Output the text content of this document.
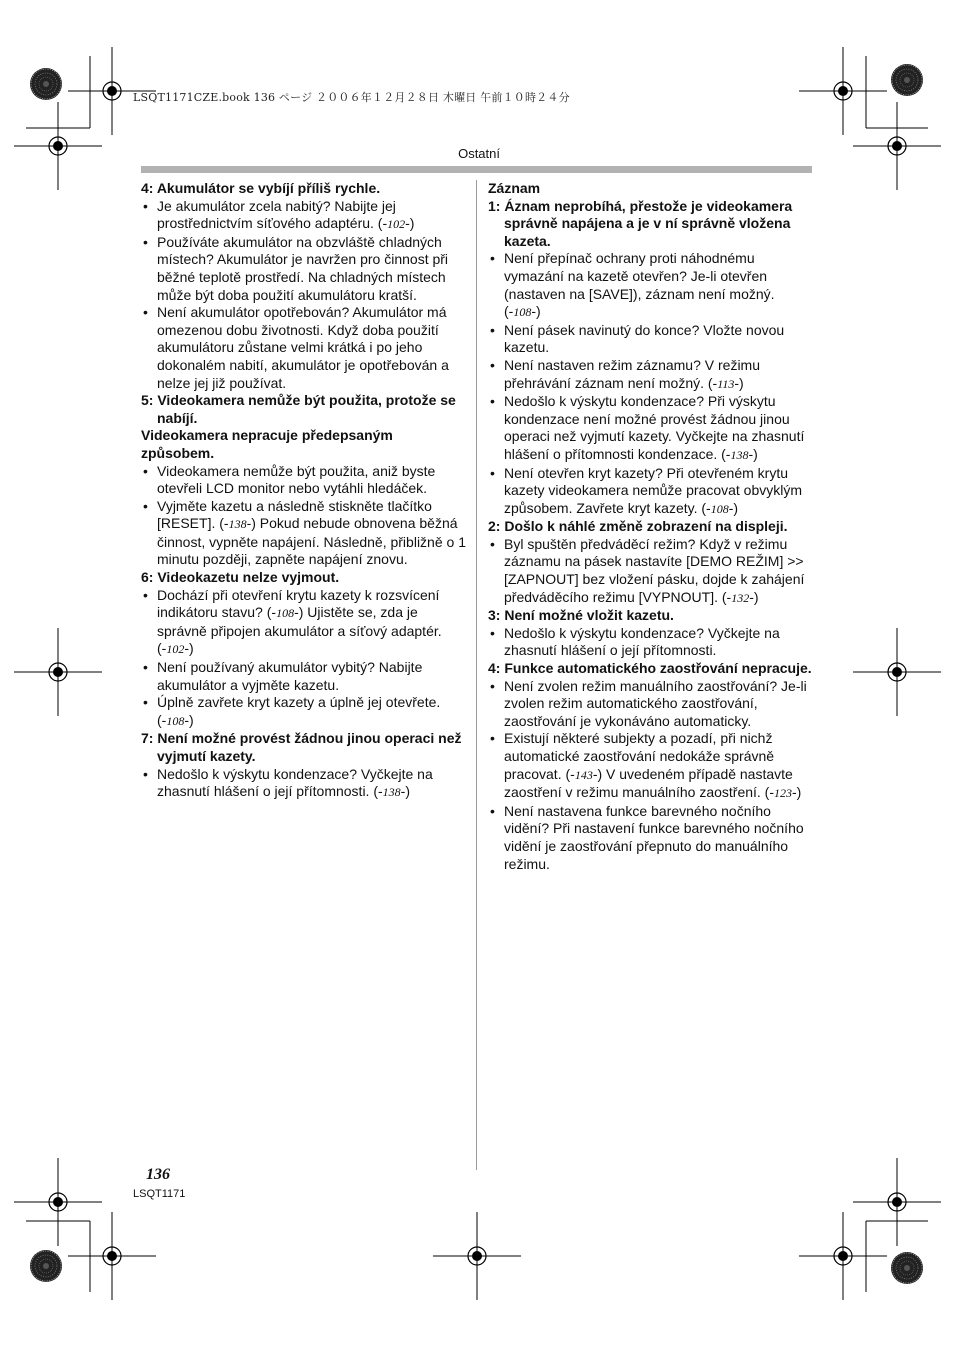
LSQT1171CZE.book 136 ページ ２００６年１２月２８日 木曜日 午前１０時２４分
Ostatní
4: Akumulátor se vybíjí příliš rychle.
• Je akumulátor zcela nabitý? Nabijte jej prostřednictvím síťového adaptéru. (-102-)
• Používáte akumulátor na obzvláště chladných místech? Akumulátor je navržen pro činnost při běžné teplotě prostředí. Na chladných místech může být doba použití akumulátoru kratší.
• Není akumulátor opotřebován? Akumulátor má omezenou dobu životnosti. Když doba použití akumulátoru zůstane velmi krátká i po jeho dokonalém nabití, akumulátor je opotřebován a nelze jej již používat.
5: Videokamera nemůže být použita, protože se nabíjí.
Videokamera nepracuje předepsaným způsobem.
• Videokamera nemůže být použita, aniž byste otevřeli LCD monitor nebo vytáhli hledáček.
• Vyjměte kazetu a následně stiskněte tlačítko [RESET]. (-138-) Pokud nebude obnovena běžná činnost, vypněte napájení. Následně, přibližně o 1 minutu později, zapněte napájení znovu.
6: Videokazetu nelze vyjmout.
• Dochází při otevření krytu kazety k rozsvícení indikátoru stavu? (-108-) Ujistěte se, zda je správně připojen akumulátor a síťový adaptér. (-102-)
• Není používaný akumulátor vybitý? Nabijte akumulátor a vyjměte kazetu.
• Úplně zavřete kryt kazety a úplně jej otevřete. (-108-)
7: Není možné provést žádnou jinou operaci než vyjmutí kazety.
• Nedošlo k výskytu kondenzace? Vyčkejte na zhasnutí hlášení o její přítomnosti. (-138-)
Záznam
1: Áznam neprobíhá, přestože je videokamera správně napájena a je v ní správně vložena kazeta.
• Není přepínač ochrany proti náhodnému vymazání na kazetě otevřen? Je-li otevřen (nastaven na [SAVE]), záznam není možný. (-108-)
• Není pásek navinutý do konce? Vložte novou kazetu.
• Není nastaven režim záznamu? V režimu přehrávání záznam není možný. (-113-)
• Nedošlo k výskytu kondenzace? Při výskytu kondenzace není možné provést žádnou jinou operaci než vyjmutí kazety. Vyčkejte na zhasnutí hlášení o přítomnosti kondenzace. (-138-)
• Není otevřen kryt kazety? Při otevřeném krytu kazety videokamera nemůže pracovat obvyklým způsobem. Zavřete kryt kazety. (-108-)
2: Došlo k náhlé změně zobrazení na displeji.
• Byl spuštěn předváděcí režim? Když v režimu záznamu na pásek nastavíte [DEMO REŽIM] >> [ZAPNOUT] bez vložení pásku, dojde k zahájení předváděcího režimu [VYPNOUT]. (-132-)
3: Není možné vložit kazetu.
• Nedošlo k výskytu kondenzace? Vyčkejte na zhasnutí hlášení o její přítomnosti.
4: Funkce automatického zaostřování nepracuje.
• Není zvolen režim manuálního zaostřování? Je-li zvolen režim automatického zaostřování, zaostřování je vykonáváno automaticky.
• Existují některé subjekty a pozadí, při nichž automatické zaostřování nedokáže správně pracovat. (-143-) V uvedeném případě nastavte zaostření v režimu manuálního zaostření. (-123-)
• Není nastavena funkce barevného nočního vidění? Při nastavení funkce barevného nočního vidění je zaostřování přepnuto do manuálního režimu.
136
LSQT1171
